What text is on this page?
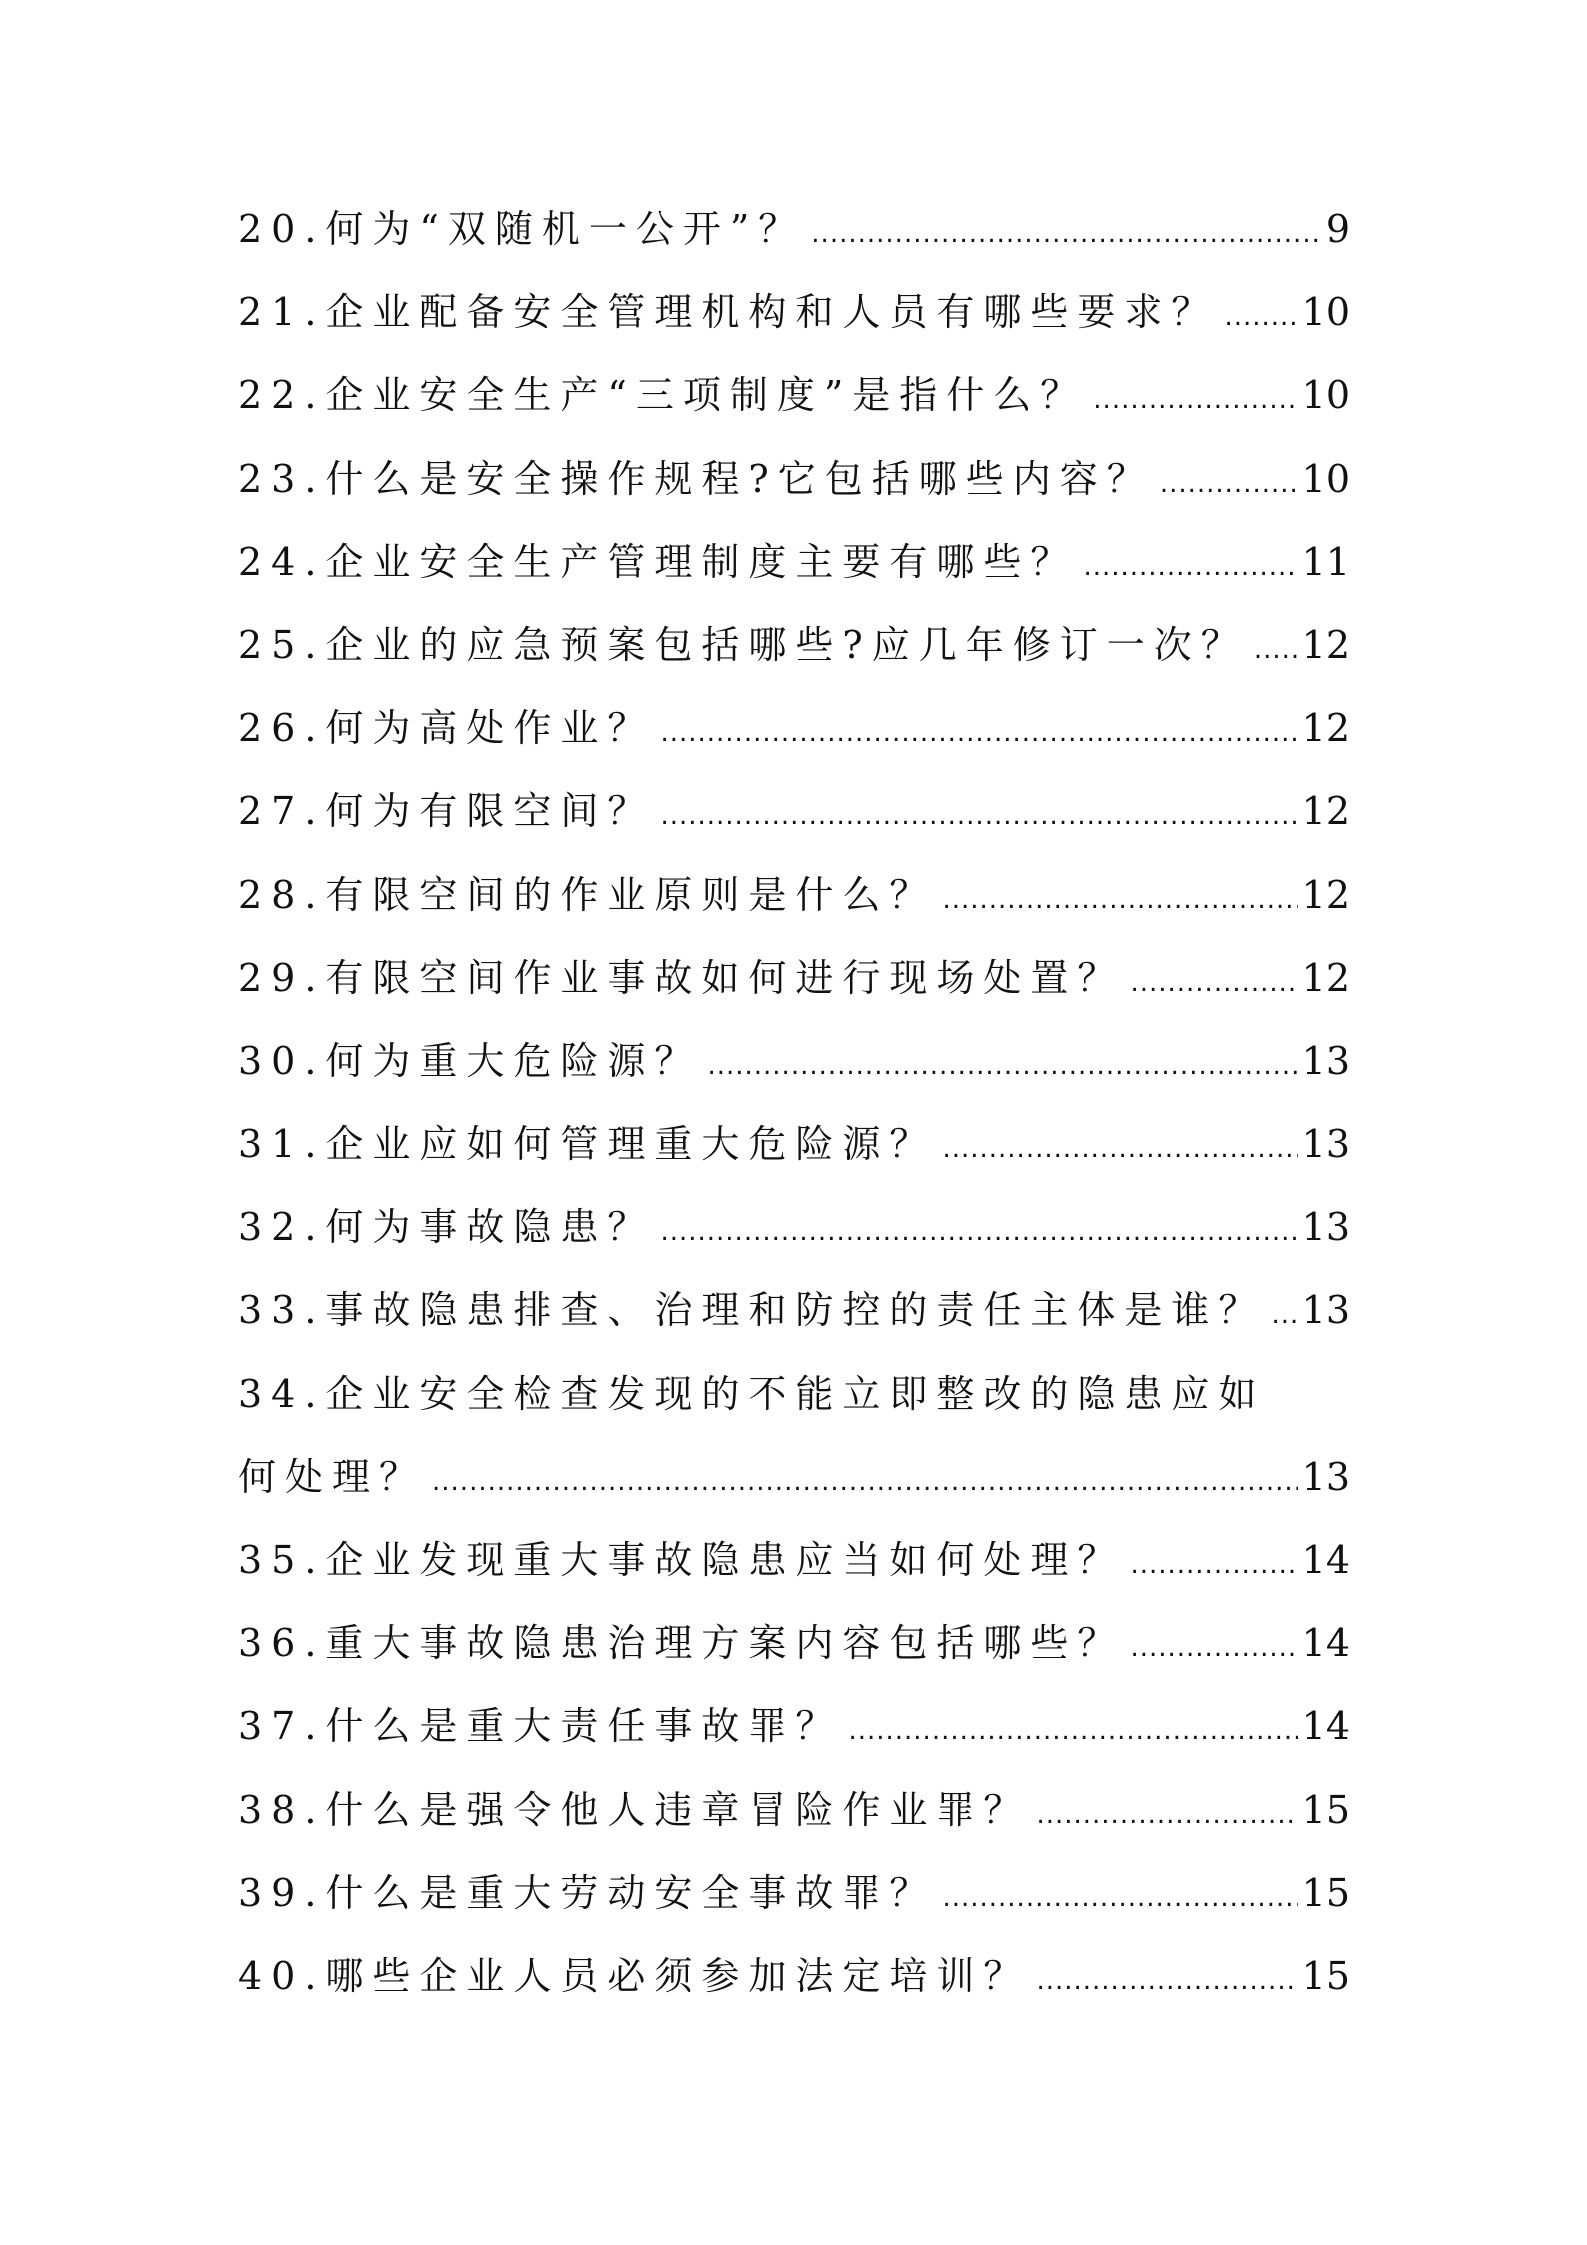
20.何为“双随机一公开”？ .....	9
21.企业配备安全管理机构和人员有哪些要求？ ..... 10
22.企业安全生产“三项制度”是指什么？ .....	10
23.什么是安全操作规程?它包括哪些内容？ .....	10
24.企业安全生产管理制度主要有哪些？ .....	11
25.企业的应急预案包括哪些?应几年修订一次？ ..... 12
26.何为高处作业？ .....	12
27.何为有限空间？ .....	12
28.有限空间的作业原则是什么？ .....	12
29.有限空间作业事故如何进行现场处置？ .....	12
30.何为重大危险源？ .....	13
31.企业应如何管理重大危险源？ .....	13
32.何为事故隐患？ .....	13
33.事故隐患排查、治理和防控的责任主体是谁？ ..... 13
34.企业安全检查发现的不能立即整改的隐患应如
何处理？ .....	13
35.企业发现重大事故隐患应当如何处理？ .....	14
36.重大事故隐患治理方案内容包括哪些？ .....	14
37.什么是重大责任事故罪？ .....	14
38.什么是强令他人违章冒险作业罪？ .....	15
39.什么是重大劳动安全事故罪？ .....	15
40.哪些企业人员必须参加法定培训？ .....	15
